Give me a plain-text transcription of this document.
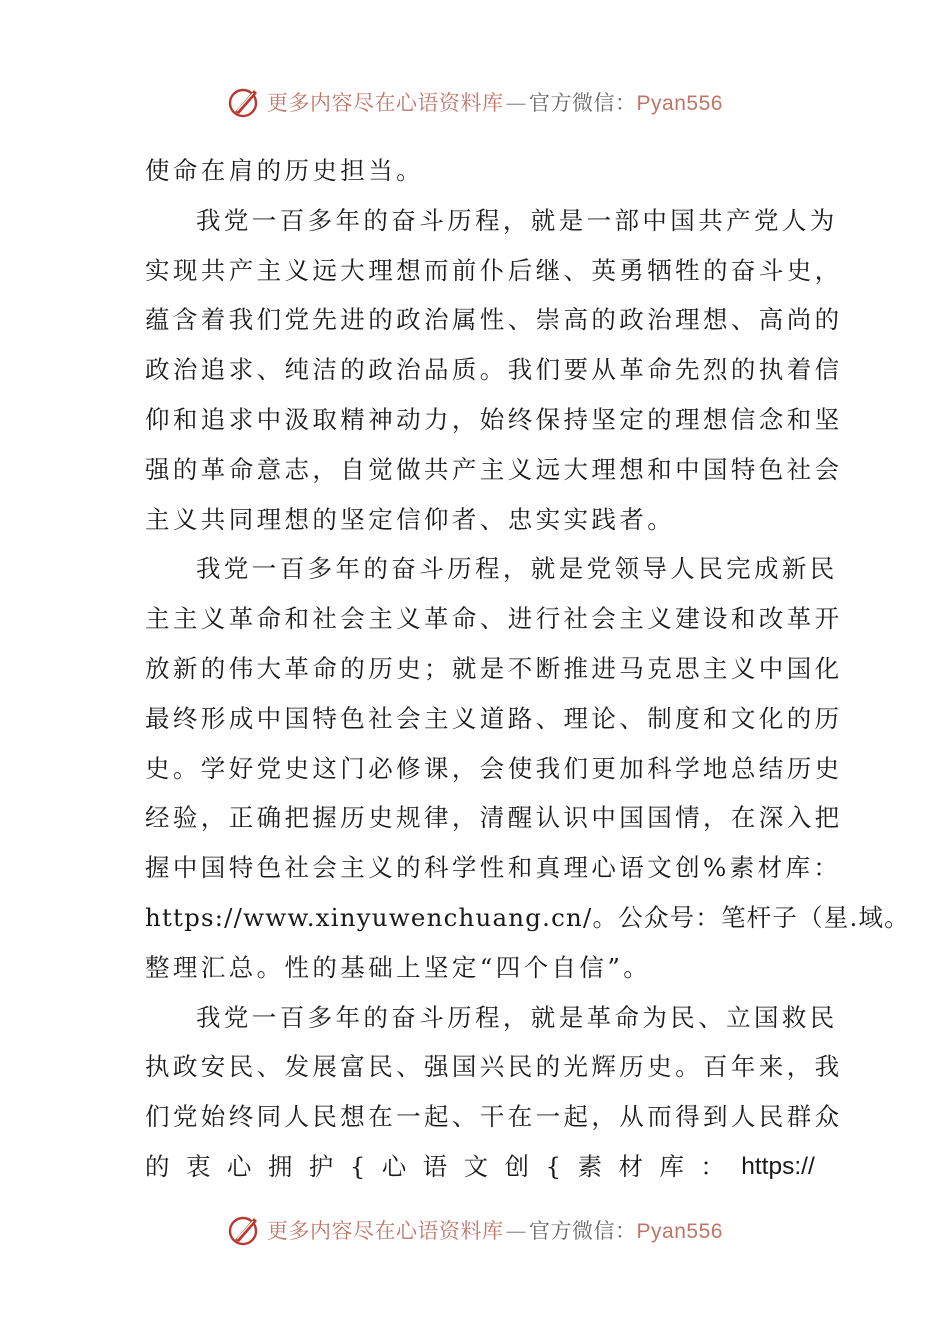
更多内容尽在心语资料库—官方微信：Pyan556
使命在肩的历史担当。
我党一百多年的奋斗历程，就是一部中国共产党人为
实现共产主义远大理想而前仆后继、英勇牺牲的奋斗史，
蕴含着我们党先进的政治属性、崇高的政治理想、高尚的
政治追求、纯洁的政治品质。我们要从革命先烈的执着信
仰和追求中汲取精神动力，始终保持坚定的理想信念和坚
强的革命意志，自觉做共产主义远大理想和中国特色社会
主义共同理想的坚定信仰者、忠实实践者。
我党一百多年的奋斗历程，就是党领导人民完成新民
主主义革命和社会主义革命、进行社会主义建设和改革开
放新的伟大革命的历史；就是不断推进马克思主义中国化
最终形成中国特色社会主义道路、理论、制度和文化的历
史。学好党史这门必修课，会使我们更加科学地总结历史
经验，正确把握历史规律，清醒认识中国国情，在深入把
握中国特色社会主义的科学性和真理心语文创%素材库：
https://www.xinyuwenchuang.cn/。公众号：笔杆子（星.域。
整理汇总。性的基础上坚定“四个自信”。
我党一百多年的奋斗历程，就是革命为民、立国救民
执政安民、发展富民、强国兴民的光辉历史。百年来，我
们党始终同人民想在一起、干在一起，从而得到人民群众
的 衷 心 拥 护 { 心 语 文 创 { 素 材 库 ： https://
更多内容尽在心语资料库—官方微信：Pyan556
